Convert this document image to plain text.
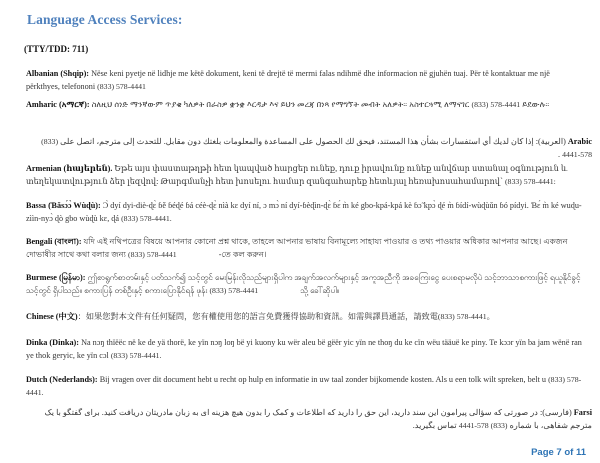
Language Access Services:
(TTY/TDD: 711)
Albanian (Shqip): Nëse keni pyetje në lidhje me këtë dokument, keni të drejtë të merrni falas ndihmë dhe informacion në gjuhën tuaj. Për të kontaktuar me një përkthyes, telefononi (833) 578-4441
Amharic (አማርኛ): ስለዚህ ሰነድ ማንኛውም ጥያቄ ካለዎት በራስዎ ቋንቋ እርዳታ እና ይህን መረጃ በነጻ የማግኘት መብት አለዎት። አስተርጓሚ ለማናገር (833) 578-4441 ይደውሉ።
Arabic (العربية): إذا كان لديك أي استفسارات بشأن هذا المستند، فيحق لك الحصول على المساعدة والمعلومات بلغتك دون مقابل. للتحدث إلى مترجم، اتصل على (833) 578-4441 .
Armenian (հայերեն). Եթե այս փաստաթղթի հետ կապված հարցեր ունեք, դուք իրավունք ունեք անվճար ստանալ օգնություն և տեղեկատվություն ձեր լեզվով: Թարգմանչի հետ խոսելու համար զանգահարեք հետևյալ հեռախոսահամարով՝ (833) 578-4441:
Bassa (Ɓǎsɔ́ɔ̀ Wùɖù): Ɔ̀ dyí dyi-diè-ɖɛ̀ ɓě ɓéɖé ɓá céè-ɖɛ̀ nìà kɛ dyí ní, ɔ mɔ̀ ní dyí-ɓèɖìn-ɖɛ̀ ɓɛ́ m̀ ké gbo-kpá-kpá kè ɓɔ̃ kpɔ̀ ɖé m̀ ɓídí-wùɖùǔn ɓó pídyi. Ɓɛ́ m̀ ké wuɖu-zììn-nyɔ̀ ɖò gbo wùɖù kɛ, ɖá (833) 578-4441.
Bengali (বাংলা): যদি এই নথিপত্রের বিষয়ে আপনার কোনো প্রশ্ন থাকে, তাহলে আপনার ভাষায় বিনামূল্যে সাহায্য পাওয়ার ও তথ্য পাওয়ার অধিকার আপনার আছে। একজন দোভাষীর সাথে কথা বলার জন্য (833) 578-4441	-তে কল করুন।
Burmese (မြန်မာ): ဤစာရွက်စာတမ်းနှင့် ပတ်သက်၍ သင့်တွင် မေးမြန်းလိုသည်များရှိပါက အချက်အလက်များနှင့် အကူအညီကို အခကြေးငွေ ပေးစရာမလိုပဲ သင့်ဘာသာစကားဖြင့် ရယူနိုင်ခွင့် သင့်တွင် ရှိပါသည်။ စကားပြန် တစ်ဦးနှင့် စကားပြောနိုင်ရန် ဖုန်း (833) 578-4441	သို့ ခေါ်ဆိုပါ။
Chinese (中文)：如果您對本文件有任何疑問，您有權使用您的語言免費獲得協助和資訊。如需與譯員通話，請致電(833) 578-4441。
Dinka (Dinka): Na nɔŋ thïëëc në ke de yä thorë, ke yïn nɔŋ loŋ bë yi kuony ku wër aleu bë gëër yic yïn ne thoŋ du ke cïn wëu tääuë ke piny. Te kɔɔr yïn ba jam wënë ran ye thok geryic, ke yïn cɔl (833) 578-4441.
Dutch (Nederlands): Bij vragen over dit document hebt u recht op hulp en informatie in uw taal zonder bijkomende kosten. Als u een tolk wilt spreken, belt u (833) 578-4441.
Farsi (فارسی): در صورتی که سؤالی پیرامون این سند دارید، این حق را دارید که اطلاعات و کمک را بدون هیچ هزینه ای به زبان مادریتان دریافت کنید. برای گفتگو با یک مترجم شفاهی، با شماره (833) 578-4441 تماس بگیرید.
Page 7 of 11
